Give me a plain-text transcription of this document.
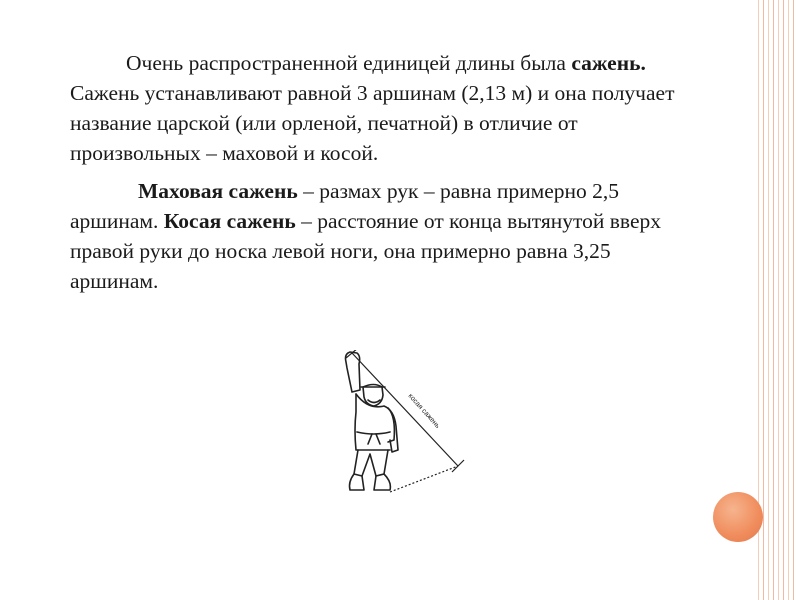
Очень распространенной единицей длины была сажень. Сажень устанавливают равной 3 аршинам (2,13 м) и она получает название царской (или орленой, печатной) в отличие от произвольных – маховой и косой.

Маховая сажень – размах рук – равна примерно 2,5 аршинам. Косая сажень – расстояние от конца вытянутой вверх правой руки до носка левой ноги, она примерно равна 3,25 аршинам.

косая сажень
